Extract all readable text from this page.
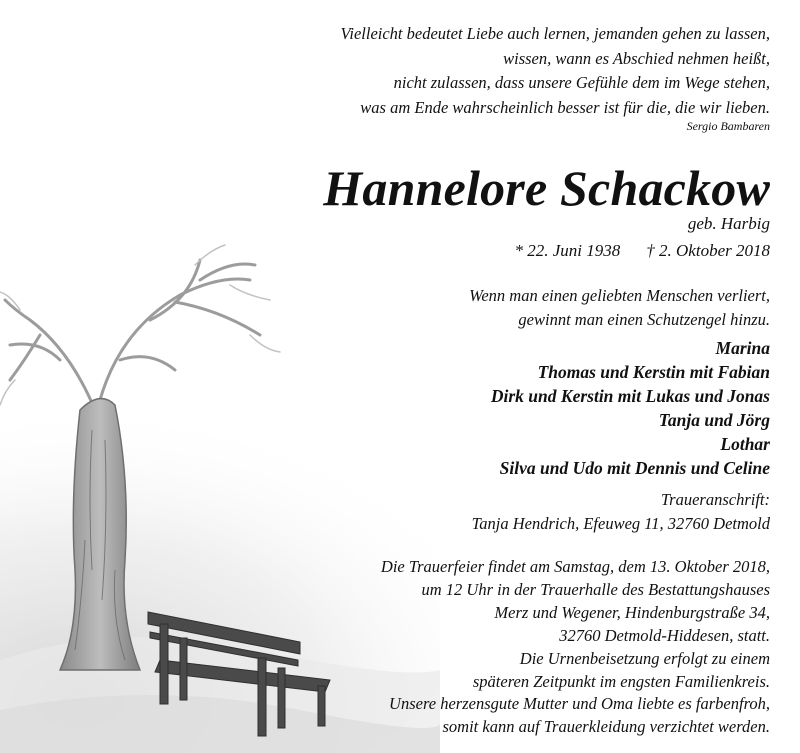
Vielleicht bedeutet Liebe auch lernen, jemanden gehen zu lassen,
wissen, wann es Abschied nehmen heißt,
nicht zulassen, dass unsere Gefühle dem im Wege stehen,
was am Ende wahrscheinlich besser ist für die, die wir lieben.
Sergio Bambaren
Hannelore Schackow
geb. Harbig
* 22. Juni 1938 † 2. Oktober 2018
Wenn man einen geliebten Menschen verliert,
gewinnt man einen Schutzengel hinzu.
Marina
Thomas und Kerstin mit Fabian
Dirk und Kerstin mit Lukas und Jonas
Tanja und Jörg
Lothar
Silva und Udo mit Dennis und Celine
Traueranschrift:
Tanja Hendrich, Efeuweg 11, 32760 Detmold
Die Trauerfeier findet am Samstag, dem 13. Oktober 2018,
um 12 Uhr in der Trauerhalle des Bestattungshauses
Merz und Wegener, Hindenburgstraße 34,
32760 Detmold-Hiddesen, statt.
Die Urnenbeisetzung erfolgt zu einem
späteren Zeitpunkt im engsten Familienkreis.
Unsere herzensgute Mutter und Oma liebte es farbenfroh,
somit kann auf Trauerkleidung verzichtet werden.
